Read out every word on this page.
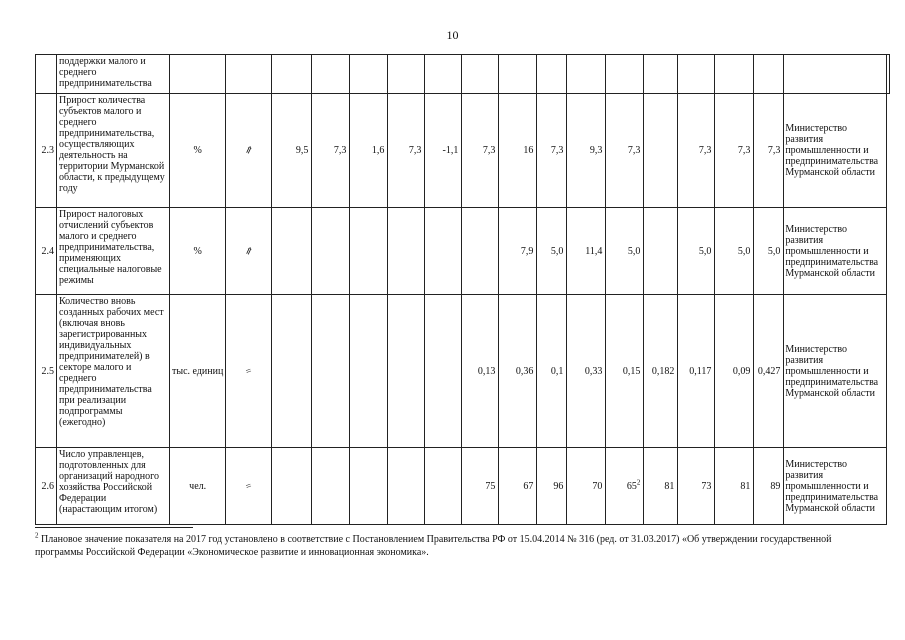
10
	поддержки малого и среднего предпринимательства																		
2.3	Прирост количества субъектов малого и среднего предпринимательства, осуществляющих деятельность на территории Мурманской области, к предыдущему году	%	⇗	9,5	7,3	1,6	7,3	-1,1	7,3	16	7,3	9,3	7,3		7,3	7,3	7,3	Министерство развития промышленности и предпринимательства Мурманской области	
2.4	Прирост налоговых отчислений субъектов малого и среднего предпринимательства, применяющих специальные налоговые режимы	%	⇗							7,9	5,0	11,4	5,0		5,0	5,0	5,0	Министерство развития промышленности и предпринимательства Мурманской области	
2.5	Количество вновь созданных рабочих мест (включая вновь зарегистрированных индивидуальных предпринимателей) в секторе малого и среднего предпринимательства при реализации подпрограммы (ежегодно)	тыс. единиц	=						0,13	0,36	0,1	0,33	0,15	0,182	0,117	0,09	0,427	Министерство развития промышленности и предпринимательства Мурманской области	
2.6	Число управленцев, подготовленных для организаций народного хозяйства Российской Федерации (нарастающим итогом)	чел.	=						75	67	96	70	$65^2$	81	73	81	89	Министерство развития промышленности и предпринимательства Мурманской области	
$^2$ Плановое значение показателя на 2017 год установлено в соответствие с Постановлением Правительства РФ от 15.04.2014 № 316 (ред. от 31.03.2017) «Об утверждении государственной программы Российской Федерации «Экономическое развитие и инновационная экономика».
